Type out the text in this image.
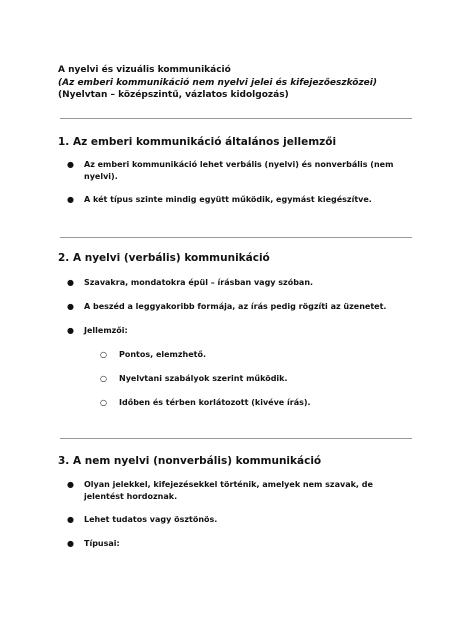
A nyelvi és vizuális kommunikáció
(Az emberi kommunikáció nem nyelvi jelei és kifejezőeszközei)
(Nyelvtan – középszintű, vázlatos kidolgozás)
1. Az emberi kommunikáció általános jellemzői
● Az emberi kommunikáció lehet verbális (nyelvi) és nonverbális (nem nyelvi).
● A két típus szinte mindig együtt működik, egymást kiegészítve.
2. A nyelvi (verbális) kommunikáció
● Szavakra, mondatokra épül – írásban vagy szóban.
● A beszéd a leggyakoribb formája, az írás pedig rögzíti az üzenetet.
● Jellemzői:
○ Pontos, elemzhető.
○ Nyelvtani szabályok szerint működik.
○ Időben és térben korlátozott (kivéve írás).
3. A nem nyelvi (nonverbális) kommunikáció
● Olyan jelekkel, kifejezésekkel történik, amelyek nem szavak, de jelentést hordoznak.
● Lehet tudatos vagy ösztönös.
● Típusai:
